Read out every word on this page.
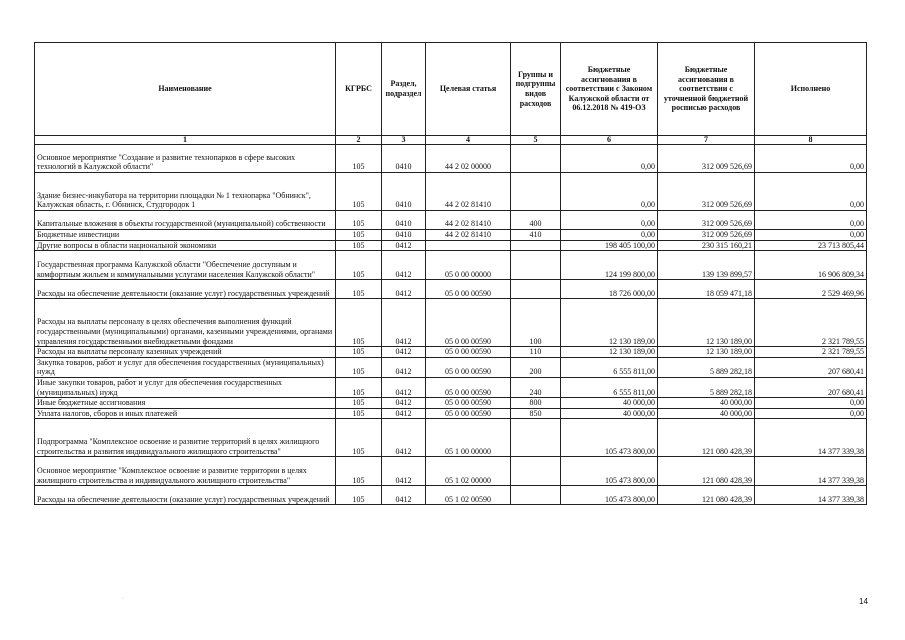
Наименование	КГРБС	Раздел, подраздел	Целевая статья	Группы и подгруппы видов расходов	Бюджетные ассигнования в соответствии с Законом Калужской области от 06.12.2018 № 419-ОЗ	Бюджетные ассигнования в соответствии с уточненной бюджетной росписью расходов	Исполнено
1	2	3	4	5	6	7	8
Основное мероприятие "Создание и развитие технопарков в сфере высоких технологий в Калужской области"	105	0410	44 2 02 00000		0,00	312 009 526,69	0,00
Здание бизнес-инкубатора на территории площадки № 1 технопарка "Обнинск", Калужская область, г. Обнинск, Студгородок 1	105	0410	44 2 02 81410		0,00	312 009 526,69	0,00
Капитальные вложения в объекты государственной (муниципальной) собственности	105	0410	44 2 02 81410	400	0,00	312 009 526,69	0,00
Бюджетные инвестиции	105	0410	44 2 02 81410	410	0,00	312 009 526,69	0,00
Другие вопросы в области национальной экономики	105	0412			198 405 100,00	230 315 160,21	23 713 805,44
Государственная программа Калужской области "Обеспечение доступным и комфортным жильем и коммунальными услугами населения Калужской области"	105	0412	05 0 00 00000		124 199 800,00	139 139 899,57	16 906 809,34
Расходы на обеспечение деятельности (оказание услуг) государственных учреждений	105	0412	05 0 00 00590		18 726 000,00	18 059 471,18	2 529 469,96
Расходы на выплаты персоналу в целях обеспечения выполнения функций государственными (муниципальными) органами, казенными учреждениями, органами управления государственными внебюджетными фондами	105	0412	05 0 00 00590	100	12 130 189,00	12 130 189,00	2 321 789,55
Расходы на выплаты персоналу казенных учреждений	105	0412	05 0 00 00590	110	12 130 189,00	12 130 189,00	2 321 789,55
Закупка товаров, работ и услуг для обеспечения государственных (муниципальных) нужд	105	0412	05 0 00 00590	200	6 555 811,00	5 889 282,18	207 680,41
Иные закупки товаров, работ и услуг для обеспечения государственных (муниципальных) нужд	105	0412	05 0 00 00590	240	6 555 811,00	5 889 282,18	207 680,41
Иные бюджетные ассигнования	105	0412	05 0 00 00590	800	40 000,00	40 000,00	0,00
Уплата налогов, сборов и иных платежей	105	0412	05 0 00 00590	850	40 000,00	40 000,00	0,00
Подпрограмма "Комплексное освоение и развитие территорий в целях жилищного строительства и развития индивидуального жилищного строительства"	105	0412	05 1 00 00000		105 473 800,00	121 080 428,39	14 377 339,38
Основное мероприятие "Комплексное освоение и развитие территории в целях жилищного строительства и индивидуального жилищного строительства"	105	0412	05 1 02 00000		105 473 800,00	121 080 428,39	14 377 339,38
Расходы на обеспечение деятельности (оказание услуг) государственных учреждений	105	0412	05 1 02 00590		105 473 800,00	121 080 428,39	14 377 339,38
·	14
